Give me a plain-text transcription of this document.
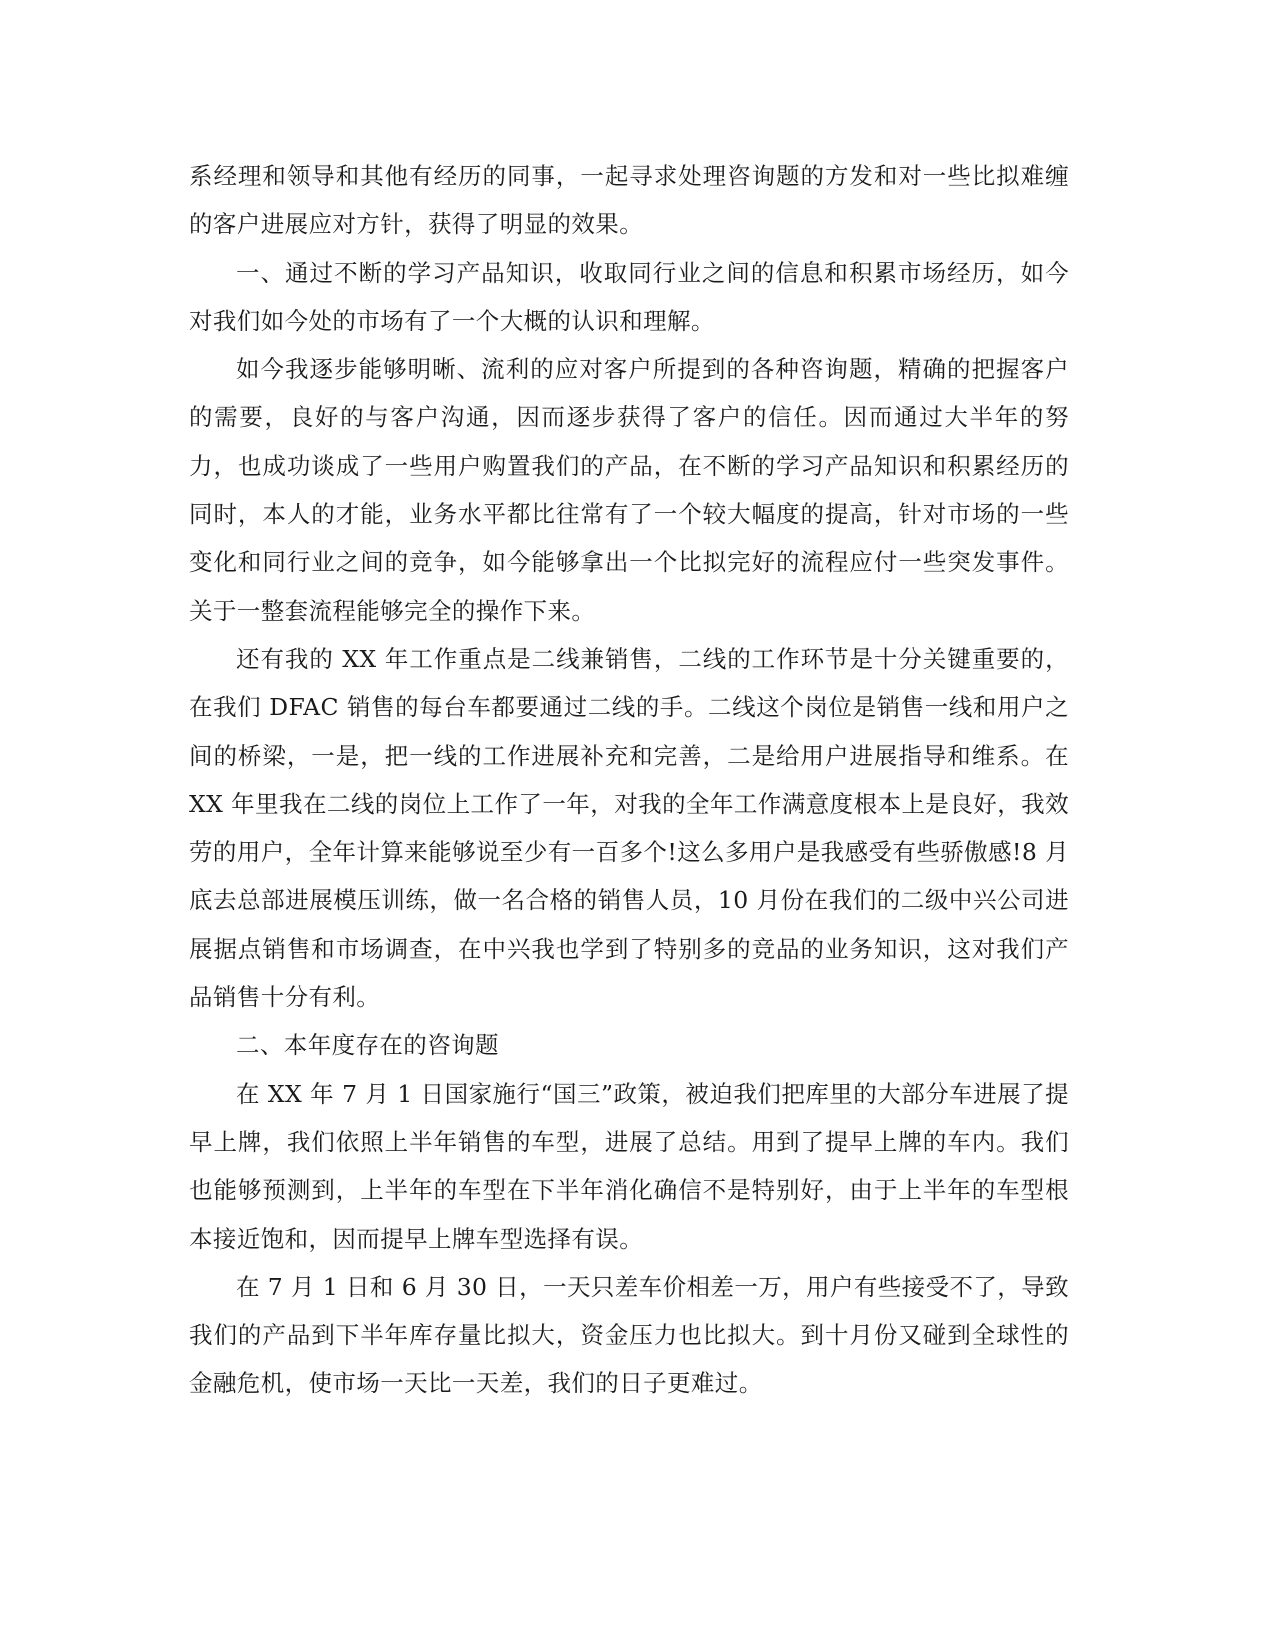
系经理和领导和其他有经历的同事，一起寻求处理咨询题的方发和对一些比拟难缠的客户进展应对方针，获得了明显的效果。

一、通过不断的学习产品知识，收取同行业之间的信息和积累市场经历，如今对我们如今处的市场有了一个大概的认识和理解。

如今我逐步能够明晰、流利的应对客户所提到的各种咨询题，精确的把握客户的需要，良好的与客户沟通，因而逐步获得了客户的信任。因而通过大半年的努力，也成功谈成了一些用户购置我们的产品，在不断的学习产品知识和积累经历的同时，本人的才能，业务水平都比往常有了一个较大幅度的提高，针对市场的一些变化和同行业之间的竞争，如今能够拿出一个比拟完好的流程应付一些突发事件。关于一整套流程能够完全的操作下来。

还有我的 XX 年工作重点是二线兼销售，二线的工作环节是十分关键重要的，在我们 DFAC 销售的每台车都要通过二线的手。二线这个岗位是销售一线和用户之间的桥梁，一是，把一线的工作进展补充和完善，二是给用户进展指导和维系。在 XX 年里我在二线的岗位上工作了一年，对我的全年工作满意度根本上是良好，我效劳的用户，全年计算来能够说至少有一百多个!这么多用户是我感受有些骄傲感!8 月底去总部进展模压训练，做一名合格的销售人员，10 月份在我们的二级中兴公司进展据点销售和市场调查，在中兴我也学到了特别多的竞品的业务知识，这对我们产品销售十分有利。

二、本年度存在的咨询题

在 XX 年 7 月 1 日国家施行“国三”政策，被迫我们把库里的大部分车进展了提早上牌，我们依照上半年销售的车型，进展了总结。用到了提早上牌的车内。我们也能够预测到，上半年的车型在下半年消化确信不是特别好，由于上半年的车型根本接近饱和，因而提早上牌车型选择有误。

在 7 月 1 日和 6 月 30 日，一天只差车价相差一万，用户有些接受不了，导致我们的产品到下半年库存量比拟大，资金压力也比拟大。到十月份又碰到全球性的金融危机，使市场一天比一天差，我们的日子更难过。
